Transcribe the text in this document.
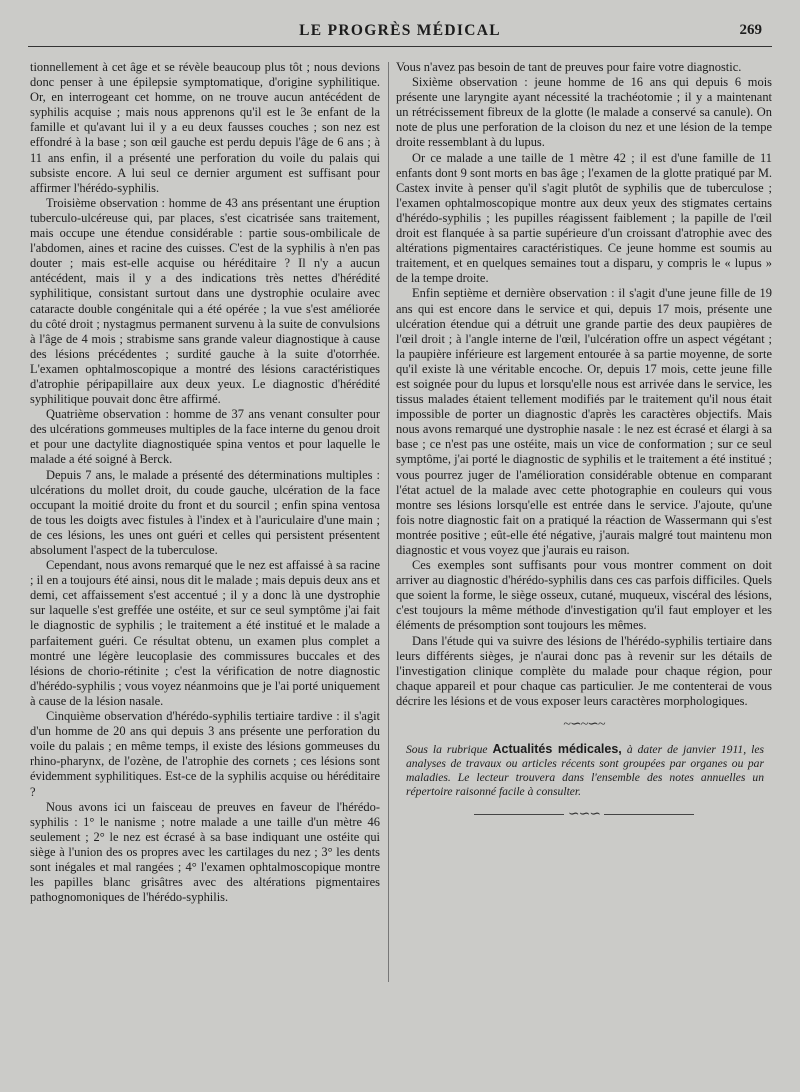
LE PROGRÈS MÉDICAL	269

tionnellement à cet âge et se révèle beaucoup plus tôt ; nous devions donc penser à une épilepsie symptomatique, d'origine syphilitique. Or, en interrogeant cet homme, on ne trouve aucun antécédent de syphilis acquise ; mais nous apprenons qu'il est le 3e enfant de la famille et qu'avant lui il y a eu deux fausses couches ; son nez est effondré à la base ; son œil gauche est perdu depuis l'âge de 6 ans ; à 11 ans enfin, il a présenté une perforation du voile du palais qui subsiste encore. A lui seul ce dernier argument est suffisant pour affirmer l'hérédo-syphilis.

Troisième observation : homme de 43 ans présentant une éruption tuberculo-ulcéreuse qui, par places, s'est cicatrisée sans traitement, mais occupe une étendue considérable : partie sous-ombilicale de l'abdomen, aines et racine des cuisses. C'est de la syphilis à n'en pas douter ; mais est-elle acquise ou héréditaire ? Il n'y a aucun antécédent, mais il y a des indications très nettes d'hérédité syphilitique, consistant surtout dans une dystrophie oculaire avec cataracte double congénitale qui a été opérée ; la vue s'est améliorée du côté droit ; nystagmus permanent survenu à la suite de convulsions à l'âge de 4 mois ; strabisme sans grande valeur diagnostique à cause des lésions précédentes ; surdité gauche à la suite d'otorrhée. L'examen ophtalmoscopique a montré des lésions caractéristiques d'atrophie péripapillaire aux deux yeux. Le diagnostic d'hérédité syphilitique pouvait donc être affirmé.

Quatrième observation : homme de 37 ans venant consulter pour des ulcérations gommeuses multiples de la face interne du genou droit et pour une dactylite diagnostiquée spina ventos et pour laquelle le malade a été soigné à Berck.

Depuis 7 ans, le malade a présenté des déterminations multiples : ulcérations du mollet droit, du coude gauche, ulcération de la face occupant la moitié droite du front et du sourcil ; enfin spina ventosa de tous les doigts avec fistules à l'index et à l'auriculaire d'une main ; de ces lésions, les unes ont guéri et celles qui persistent présentent absolument l'aspect de la tuberculose.

Cependant, nous avons remarqué que le nez est affaissé à sa racine ; il en a toujours été ainsi, nous dit le malade ; mais depuis deux ans et demi, cet affaissement s'est accentué ; il y a donc là une dystrophie sur laquelle s'est greffée une ostéite, et sur ce seul symptôme j'ai fait le diagnostic de syphilis ; le traitement a été institué et le malade a parfaitement guéri. Ce résultat obtenu, un examen plus complet a montré une légère leucoplasie des commissures buccales et des lésions de chorio-rétinite ; c'est la vérification de notre diagnostic d'hérédo-syphilis ; vous voyez néanmoins que je l'ai porté uniquement à cause de la lésion nasale.

Cinquième observation d'hérédo-syphilis tertiaire tardive : il s'agit d'un homme de 20 ans qui depuis 3 ans présente une perforation du voile du palais ; en même temps, il existe des lésions gommeuses du rhino-pharynx, de l'ozène, de l'atrophie des cornets ; ces lésions sont évidemment syphilitiques. Est-ce de la syphilis acquise ou héréditaire ?

Nous avons ici un faisceau de preuves en faveur de l'hérédo-syphilis : 1° le nanisme ; notre malade a une taille d'un mètre 46 seulement ; 2° le nez est écrasé à sa base indiquant une ostéite qui siège à l'union des os propres avec les cartilages du nez ; 3° les dents sont inégales et mal rangées ; 4° l'examen ophtalmoscopique montre les papilles blanc grisâtres avec des altérations pigmentaires pathognomoniques de l'hérédo-syphilis.

Vous n'avez pas besoin de tant de preuves pour faire votre diagnostic.

Sixième observation : jeune homme de 16 ans qui depuis 6 mois présente une laryngite ayant nécessité la trachéotomie ; il y a maintenant un rétrécissement fibreux de la glotte (le malade a conservé sa canule). On note de plus une perforation de la cloison du nez et une lésion de la tempe droite ressemblant à du lupus.

Or ce malade a une taille de 1 mètre 42 ; il est d'une famille de 11 enfants dont 9 sont morts en bas âge ; l'examen de la glotte pratiqué par M. Castex invite à penser qu'il s'agit plutôt de syphilis que de tuberculose ; l'examen ophtalmoscopique montre aux deux yeux des stigmates certains d'hérédo-syphilis ; les pupilles réagissent faiblement ; la papille de l'œil droit est flanquée à sa partie supérieure d'un croissant d'atrophie avec des altérations pigmentaires caractéristiques. Ce jeune homme est soumis au traitement, et en quelques semaines tout a disparu, y compris le « lupus » de la tempe droite.

Enfin septième et dernière observation : il s'agit d'une jeune fille de 19 ans qui est encore dans le service et qui, depuis 17 mois, présente une ulcération étendue qui a détruit une grande partie des deux paupières de l'œil droit ; à l'angle interne de l'œil, l'ulcération offre un aspect végétant ; la paupière inférieure est largement entourée à sa partie moyenne, de sorte qu'il existe là une véritable encoche. Or, depuis 17 mois, cette jeune fille est soignée pour du lupus et lorsqu'elle nous est arrivée dans le service, les tissus malades étaient tellement modifiés par le traitement qu'il nous était impossible de porter un diagnostic d'après les caractères objectifs. Mais nous avons remarqué une dystrophie nasale : le nez est écrasé et élargi à sa base ; ce n'est pas une ostéite, mais un vice de conformation ; sur ce seul symptôme, j'ai porté le diagnostic de syphilis et le traitement a été institué ; vous pourrez juger de l'amélioration considérable obtenue en comparant l'état actuel de la malade avec cette photographie en couleurs qui vous montre ses lésions lorsqu'elle est entrée dans le service. J'ajoute, qu'une fois notre diagnostic fait on a pratiqué la réaction de Wassermann qui s'est montrée positive ; eût-elle été négative, j'aurais malgré tout maintenu mon diagnostic et vous voyez que j'aurais eu raison.

Ces exemples sont suffisants pour vous montrer comment on doit arriver au diagnostic d'hérédo-syphilis dans ces cas parfois difficiles. Quels que soient la forme, le siège osseux, cutané, muqueux, viscéral des lésions, c'est toujours la même méthode d'investigation qu'il faut employer et les éléments de présomption sont toujours les mêmes.

Dans l'étude qui va suivre des lésions de l'hérédo-syphilis tertiaire dans leurs différents sièges, je n'aurai donc pas à revenir sur les détails de l'investigation clinique complète du malade pour chaque région, pour chaque appareil et pour chaque cas particulier. Je me contenterai de vous décrire les lésions et de vous exposer leurs caractères morphologiques.

~∽~∽~
Sous la rubrique Actualités médicales, à dater de janvier 1911, les analyses de travaux ou articles récents sont groupées par organes ou par maladies. Le lecteur trouvera dans l'ensemble des notes annuelles un répertoire raisonné facile à consulter.
∽∽∽
